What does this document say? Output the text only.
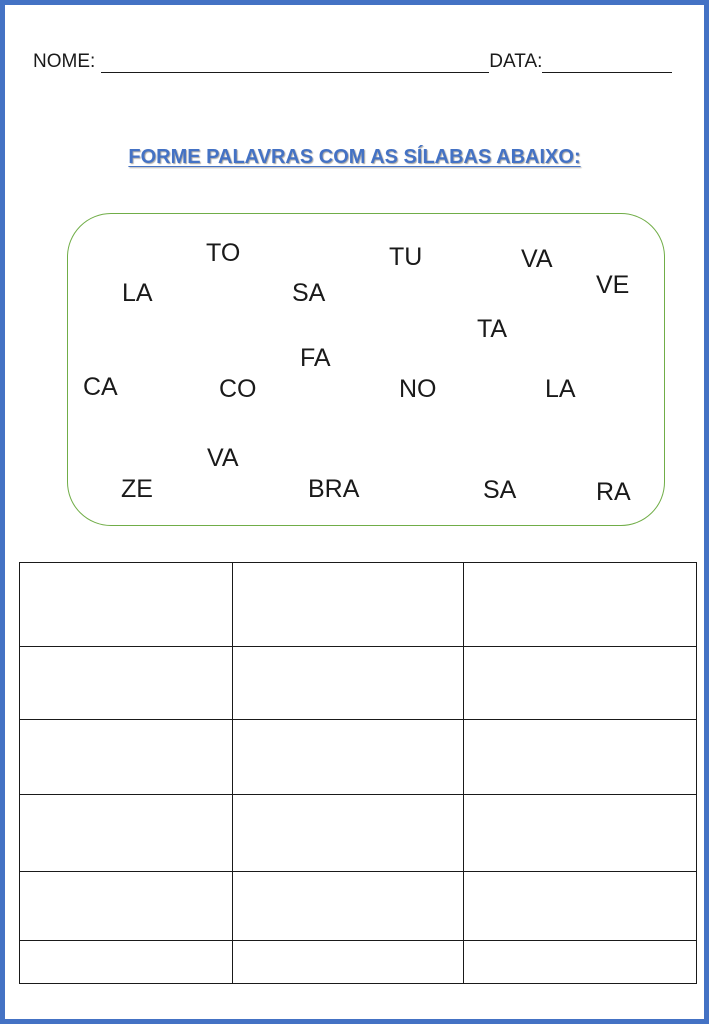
NOME:	DATA:
FORME PALAVRAS COM AS SÍLABAS ABAIXO:
TO	TU	VA
VE
LA	SA
TA
FA
CA	CO	NO	LA
VA
ZE	BRA	SA	RA
